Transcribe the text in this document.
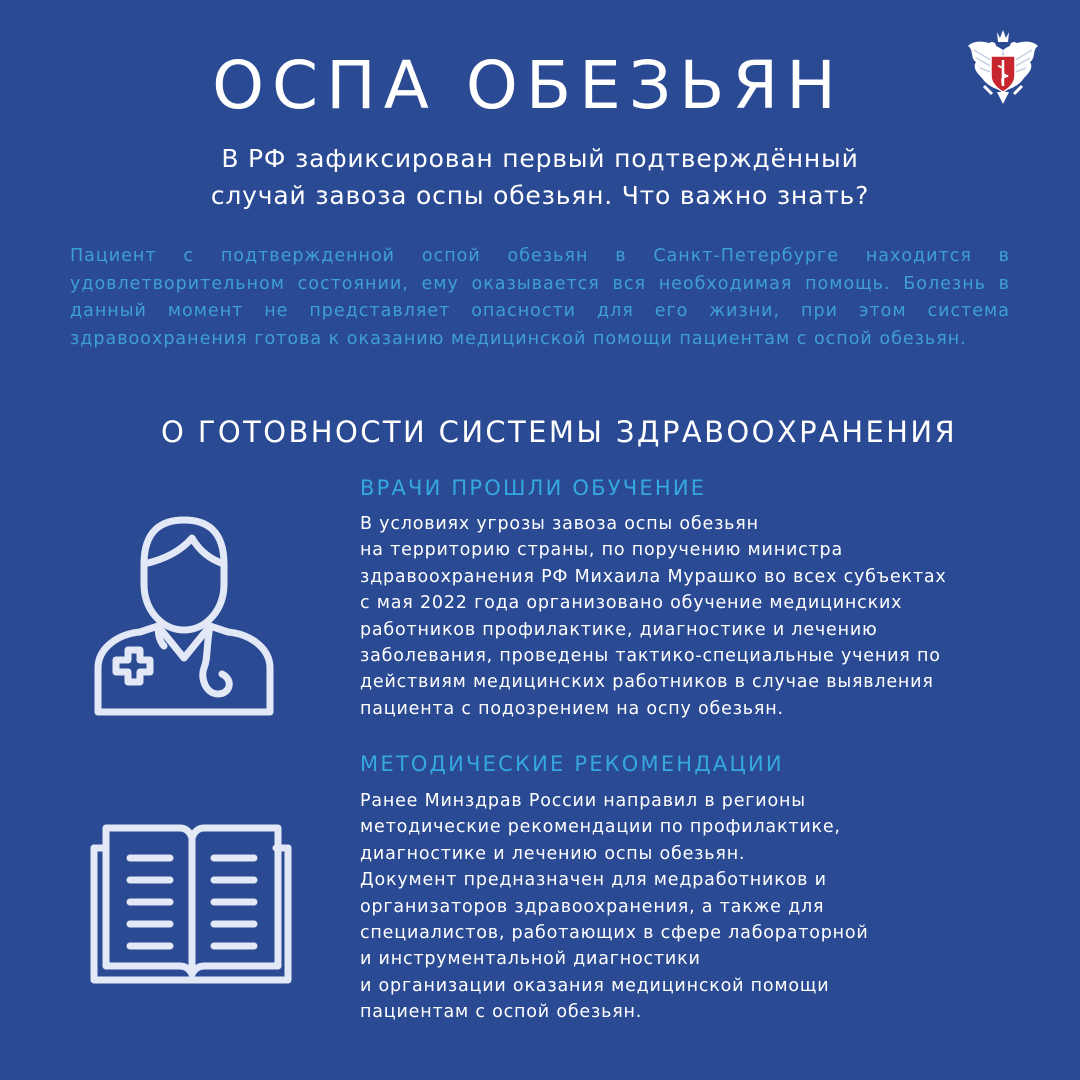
ОСПА ОБЕЗЬЯН

В РФ зафиксирован первый подтверждённый
случай завоза оспы обезьян. Что важно знать?

Пациент с подтвержденной оспой обезьян в Санкт-Петербурге находится в удовлетворительном состоянии, ему оказывается вся необходимая помощь. Болезнь в данный момент не представляет опасности для его жизни, при этом система здравоохранения готова к оказанию медицинской помощи пациентам с оспой обезьян.

О ГОТОВНОСТИ СИСТЕМЫ ЗДРАВООХРАНЕНИЯ
ВРАЧИ ПРОШЛИ ОБУЧЕНИЕ

В условиях угрозы завоза оспы обезьян
на территорию страны, по поручению министра
здравоохранения РФ Михаила Мурашко во всех субъектах
с мая 2022 года организовано обучение медицинских
работников профилактике, диагностике и лечению
заболевания, проведены тактико-специальные учения по
действиям медицинских работников в случае выявления
пациента с подозрением на оспу обезьян.

МЕТОДИЧЕСКИЕ РЕКОМЕНДАЦИИ

Ранее Минздрав России направил в регионы
методические рекомендации по профилактике,
диагностике и лечению оспы обезьян.
Документ предназначен для медработников и
организаторов здравоохранения, а также для
специалистов, работающих в сфере лабораторной
и инструментальной диагностики
и организации оказания медицинской помощи
пациентам с оспой обезьян.
